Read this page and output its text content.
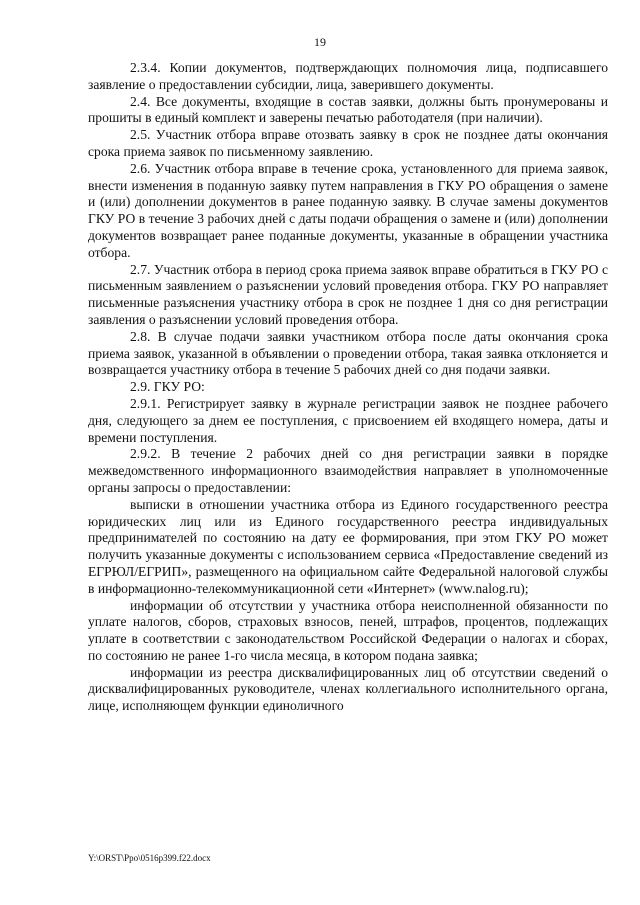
19

2.3.4. Копии документов, подтверждающих полномочия лица, подписавшего заявление о предоставлении субсидии, лица, заверившего документы.

2.4. Все документы, входящие в состав заявки, должны быть пронумерованы и прошиты в единый комплект и заверены печатью работодателя (при наличии).

2.5. Участник отбора вправе отозвать заявку в срок не позднее даты окончания срока приема заявок по письменному заявлению.

2.6. Участник отбора вправе в течение срока, установленного для приема заявок, внести изменения в поданную заявку путем направления в ГКУ РО обращения о замене и (или) дополнении документов в ранее поданную заявку. В случае замены документов ГКУ РО в течение 3 рабочих дней с даты подачи обращения о замене и (или) дополнении документов возвращает ранее поданные документы, указанные в обращении участника отбора.

2.7. Участник отбора в период срока приема заявок вправе обратиться в ГКУ РО с письменным заявлением о разъяснении условий проведения отбора. ГКУ РО направляет письменные разъяснения участнику отбора в срок не позднее 1 дня со дня регистрации заявления о разъяснении условий проведения отбора.

2.8. В случае подачи заявки участником отбора после даты окончания срока приема заявок, указанной в объявлении о проведении отбора, такая заявка отклоняется и возвращается участнику отбора в течение 5 рабочих дней со дня подачи заявки.

2.9. ГКУ РО:

2.9.1. Регистрирует заявку в журнале регистрации заявок не позднее рабочего дня, следующего за днем ее поступления, с присвоением ей входящего номера, даты и времени поступления.

2.9.2. В течение 2 рабочих дней со дня регистрации заявки в порядке межведомственного информационного взаимодействия направляет в уполномоченные органы запросы о предоставлении:

выписки в отношении участника отбора из Единого государственного реестра юридических лиц или из Единого государственного реестра индивидуальных предпринимателей по состоянию на дату ее формирования, при этом ГКУ РО может получить указанные документы с использованием сервиса «Предоставление сведений из ЕГРЮЛ/ЕГРИП», размещенного на официальном сайте Федеральной налоговой службы в информационно-телекоммуникационной сети «Интернет» (www.nalog.ru);

информации об отсутствии у участника отбора неисполненной обязанности по уплате налогов, сборов, страховых взносов, пеней, штрафов, процентов, подлежащих уплате в соответствии с законодательством Российской Федерации о налогах и сборах, по состоянию не ранее 1-го числа месяца, в котором подана заявка;

информации из реестра дисквалифицированных лиц об отсутствии сведений о дисквалифицированных руководителе, членах коллегиального исполнительного органа, лице, исполняющем функции единоличного

Y:\ORST\Ppo\0516p399.f22.docx
